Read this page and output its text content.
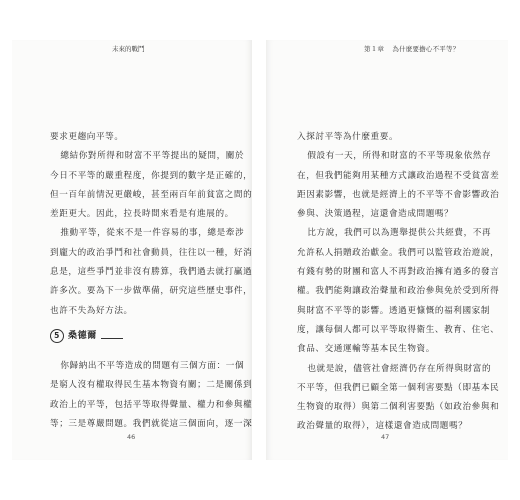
未來的戰鬥	第１章 為什麼要擔心不平等？
要求更趨向平等。
總結你對所得和財富不平等提出的疑問，關於
今日不平等的嚴重程度，你提到的數字是正確的，
但一百年前情況更嚴峻，甚至兩百年前貧富之間的
差距更大。因此，拉長時間來看是有進展的。
推動平等，從來不是一件容易的事，總是牽涉
到龐大的政治爭鬥和社會動員，往往以一種，好消
息是，這些爭鬥並非沒有勝算，我們過去就打贏過
許多次。要為下一步做準備，研究這些歷史事件，
也許不失為好方法。
5 桑德爾
你歸納出不平等造成的問題有三個方面：一個
是窮人沒有權取得民生基本物資有關；二是關係到
政治上的平等，包括平等取得聲量、權力和參與權
等；三是尊嚴問題。我們就從這三個面向，逐一深
入探討平等為什麼重要。
假設有一天，所得和財富的不平等現象依然存
在，但我們能夠用某種方式讓政治過程不受貧富差
距因素影響，也就是經濟上的不平等不會影響政治
參與、決策過程，這還會造成問題嗎？
比方說，我們可以為選舉提供公共經費，不再
允許私人捐贈政治獻金。我們可以監管政治遊說，
有錢有勢的財團和富人不再對政治擁有過多的發言
權。我們能夠讓政治聲量和政治參與免於受到所得
與財富不平等的影響。透過更慷慨的福利國家制
度，讓每個人都可以平等取得衛生、教育、住宅、
食品、交通運輸等基本民生物資。
也就是說，儘管社會經濟仍存在所得與財富的
不平等，但我們已顧全第一個利害要點（即基本民
生物資的取得）與第二個利害要點（如政治參與和
政治聲量的取得），這樣還會造成問題嗎？
46	47
